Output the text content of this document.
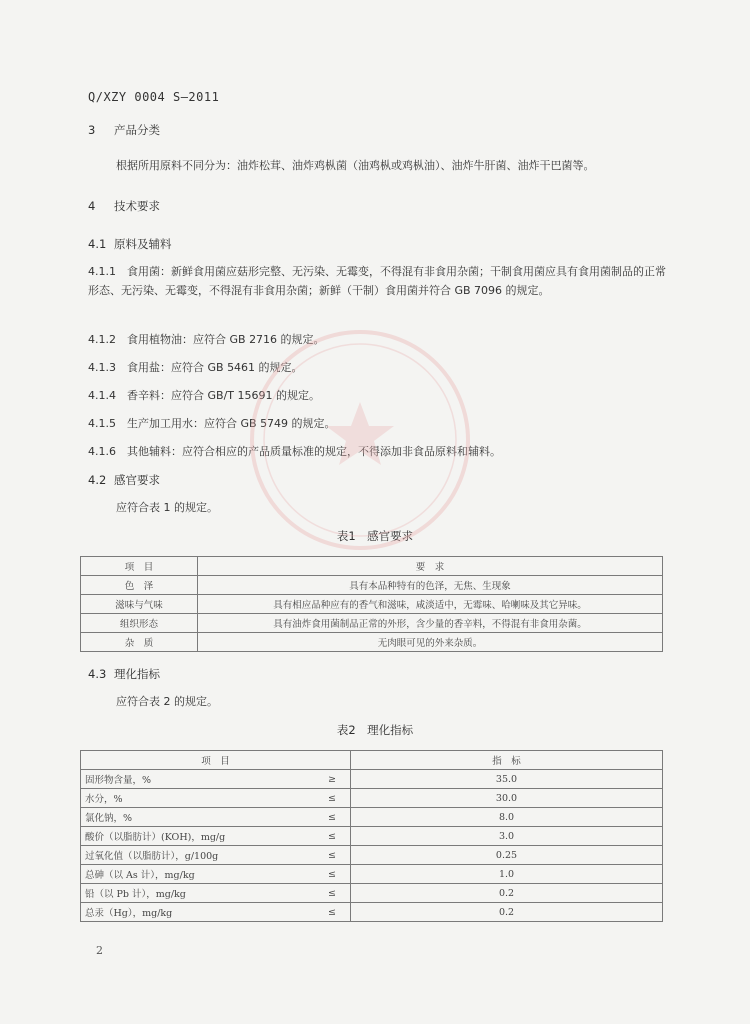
Q/XZY 0004 S—2011
3 产品分类
根据所用原料不同分为：油炸松茸、油炸鸡枞菌（油鸡枞或鸡枞油）、油炸牛肝菌、油炸干巴菌等。
4 技术要求
4.1 原料及辅料
4.1.1　 食用菌：新鲜食用菌应菇形完整、无污染、无霉变，不得混有非食用杂菌；干制食用菌应具有食用菌制品的正常形态、无污染、无霉变，不得混有非食用杂菌；新鲜（干制）食用菌并符合 GB 7096 的规定。
4.1.2　 食用植物油：应符合 GB 2716 的规定。
4.1.3　 食用盐：应符合 GB 5461 的规定。
4.1.4　 香辛料：应符合 GB/T 15691 的规定。
4.1.5　 生产加工用水：应符合 GB 5749 的规定。
4.1.6　 其他辅料：应符合相应的产品质量标准的规定，不得添加非食品原料和辅料。
4.2 感官要求
应符合表 1 的规定。
表1　感官要求
项　目	要　求
色　泽	具有本品种特有的色泽，无焦、生现象
滋味与气味	具有相应品种应有的香气和滋味，咸淡适中，无霉味、哈喇味及其它异味。
组织形态	具有油炸食用菌制品正常的外形，含少量的香辛料，不得混有非食用杂菌。
杂　质	无肉眼可见的外来杂质。
4.3 理化指标
应符合表 2 的规定。
表2　理化指标
项　目		指　标
固形物含量，%	≥	35.0
水分，%	≤	30.0
氯化钠，%	≤	8.0
酸价（以脂肪计）(KOH)，mg/g	≤	3.0
过氧化值（以脂肪计），g/100g	≤	0.25
总砷（以 As 计），mg/kg	≤	1.0
铅（以 Pb 计），mg/kg	≤	0.2
总汞（Hg），mg/kg	≤	0.2
2
